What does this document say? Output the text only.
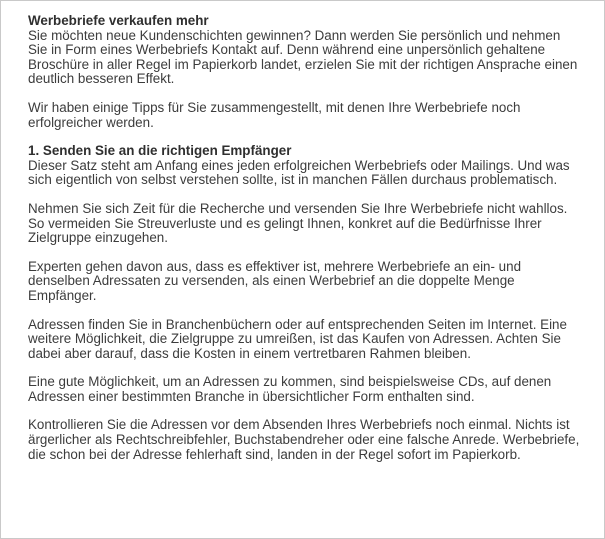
Werbebriefe verkaufen mehr

Sie möchten neue Kundenschichten gewinnen? Dann werden Sie persönlich und nehmen Sie in Form eines Werbebriefs Kontakt auf. Denn während eine unpersönlich gehaltene Broschüre in aller Regel im Papierkorb landet, erzielen Sie mit der richtigen Ansprache einen deutlich besseren Effekt.

Wir haben einige Tipps für Sie zusammengestellt, mit denen Ihre Werbebriefe noch erfolgreicher werden.

1. Senden Sie an die richtigen Empfänger

Dieser Satz steht am Anfang eines jeden erfolgreichen Werbebriefs oder Mailings. Und was sich eigentlich von selbst verstehen sollte, ist in manchen Fällen durchaus problematisch.

Nehmen Sie sich Zeit für die Recherche und versenden Sie Ihre Werbebriefe nicht wahllos. So vermeiden Sie Streuverluste und es gelingt Ihnen, konkret auf die Bedürfnisse Ihrer Zielgruppe einzugehen.

Experten gehen davon aus, dass es effektiver ist, mehrere Werbebriefe an ein- und denselben Adressaten zu versenden, als einen Werbebrief an die doppelte Menge Empfänger.

Adressen finden Sie in Branchenbüchern oder auf entsprechenden Seiten im Internet. Eine weitere Möglichkeit, die Zielgruppe zu umreißen, ist das Kaufen von Adressen. Achten Sie dabei aber darauf, dass die Kosten in einem vertretbaren Rahmen bleiben.

Eine gute Möglichkeit, um an Adressen zu kommen, sind beispielsweise CDs, auf denen Adressen einer bestimmten Branche in übersichtlicher Form enthalten sind.

Kontrollieren Sie die Adressen vor dem Absenden Ihres Werbebriefs noch einmal. Nichts ist ärgerlicher als Rechtschreibfehler, Buchstabendreher oder eine falsche Anrede. Werbebriefe, die schon bei der Adresse fehlerhaft sind, landen in der Regel sofort im Papierkorb.
